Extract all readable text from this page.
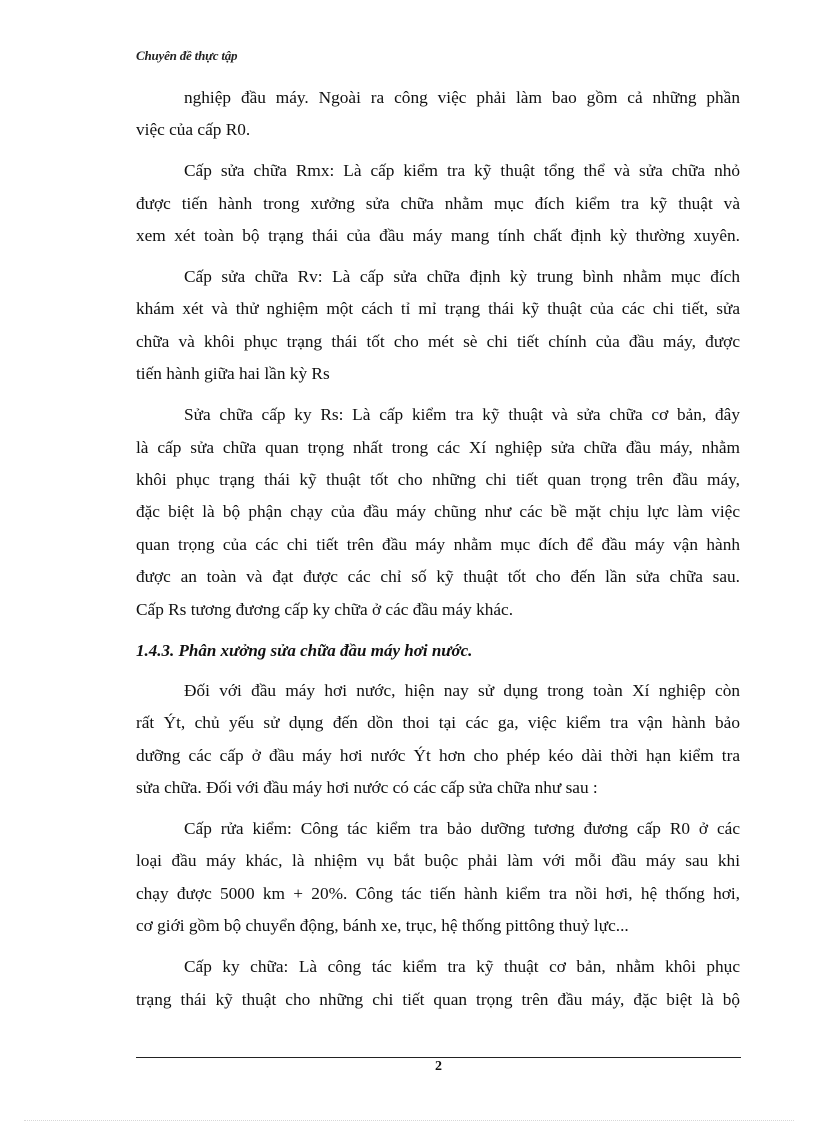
Chuyên đề thực tập
nghiệp đầu máy. Ngoài ra công việc phải làm bao gồm cả những phần
việc của cấp R0.
Cấp sửa chữa Rmx: Là cấp kiểm tra kỹ thuật tổng thể và sửa chữa nhỏ
được tiến hành trong xưởng sửa chữa nhằm mục đích kiểm tra kỹ thuật và
xem xét toàn bộ trạng thái của đầu máy mang tính chất định kỳ thường xuyên.
Cấp sửa chữa Rv: Là cấp sửa chữa định kỳ trung bình nhằm mục đích
khám xét và thử nghiệm một cách tỉ mỉ trạng thái kỹ thuật của các chi tiết, sửa
chữa và khôi phục trạng thái tốt cho mét sè chi tiết chính của đầu máy, được
tiến hành giữa hai lần kỳ Rs
Sửa chữa cấp ky Rs: Là cấp kiểm tra kỹ thuật và sửa chữa cơ bản, đây
là cấp sửa chữa quan trọng nhất trong các Xí nghiệp sửa chữa đầu máy, nhằm
khôi phục trạng thái kỹ thuật tốt cho những chi tiết quan trọng trên đầu máy,
đặc biệt là bộ phận chạy của đầu máy chũng như các bề mặt chịu lực làm việc
quan trọng của các chi tiết trên đầu máy nhằm mục đích để đầu máy vận hành
được an toàn và đạt được các chỉ số kỹ thuật tốt cho đến lần sửa chữa sau.
Cấp Rs tương đương cấp ky chữa ở các đầu máy khác.
1.4.3. Phân xưởng sửa chữa đầu máy hơi nước.
Đối với đầu máy hơi nước, hiện nay sử dụng trong toàn Xí nghiệp còn
rất Ýt, chủ yếu sử dụng đến dồn thoi tại các ga, việc kiểm tra vận hành bảo
dưỡng các cấp ở đầu máy hơi nước Ýt hơn cho phép kéo dài thời hạn kiểm tra
sửa chữa. Đối với đầu máy hơi nước có các cấp sửa chữa như sau :
Cấp rửa kiểm: Công tác kiểm tra bảo dưỡng tương đương cấp R0 ở các
loại đầu máy khác, là nhiệm vụ bắt buộc phải làm với mỗi đầu máy sau khi
chạy được 5000 km + 20%. Công tác tiến hành kiểm tra nồi hơi, hệ thống hơi,
cơ giới gồm bộ chuyển động, bánh xe, trục, hệ thống pittông thuỷ lực...
Cấp ky chữa: Là công tác kiểm tra kỹ thuật cơ bản, nhằm khôi phục
trạng thái kỹ thuật cho những chi tiết quan trọng trên đầu máy, đặc biệt là bộ
2
